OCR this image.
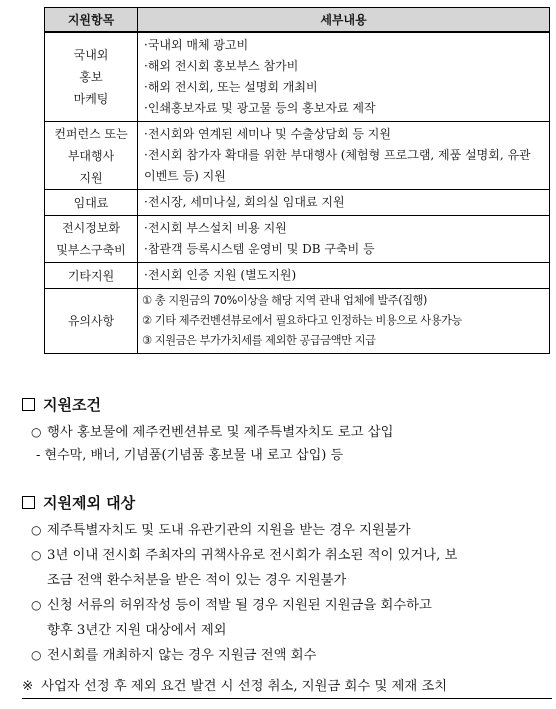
지원항목	세부내용

국내외
홍보
마케팅	·국내외 매체 광고비
·해외 전시회 홍보부스 참가비
·해외 전시회, 또는 설명회 개최비
·인쇄홍보자료 및 광고물 등의 홍보자료 제작

컨퍼런스 또는
부대행사
지원	·전시회와 연계된 세미나 및 수출상담회 등 지원
·전시회 참가자 확대를 위한 부대행사 (체험형 프로그램, 제품 설명회, 유관 이벤트 등) 지원

임대료	·전시장, 세미나실, 회의실 임대료 지원

전시정보화
및부스구축비	·전시회 부스설치 비용 지원
·참관객 등록시스템 운영비 및 DB 구축비 등

기타지원	·전시회 인증 지원 (별도지원)

유의사항	① 총 지원금의 70%이상을 해당 지역 관내 업체에 발주(집행)
② 기타 제주컨벤션뷰로에서 필요하다고 인정하는 비용으로 사용가능
③ 지원금은 부가가치세를 제외한 공급금액만 지급
지원조건
○ 행사 홍보물에 제주컨벤션뷰로 및 제주특별자치도 로고 삽입
- 현수막, 배너, 기념품(기념품 홍보물 내 로고 삽입) 등
지원제외 대상
○ 제주특별자치도 및 도내 유관기관의 지원을 받는 경우 지원불가
○ 3년 이내 전시회 주최자의 귀책사유로 전시회가 취소된 적이 있거나, 보
조금 전액 환수처분을 받은 적이 있는 경우 지원불가
○ 신청 서류의 허위작성 등이 적발 될 경우 지원된 지원금을 회수하고
향후 3년간 지원 대상에서 제외
○ 전시회를 개최하지 않는 경우 지원금 전액 회수
※ 사업자 선정 후 제외 요건 발견 시 선정 취소, 지원금 회수 및 제재 조치
